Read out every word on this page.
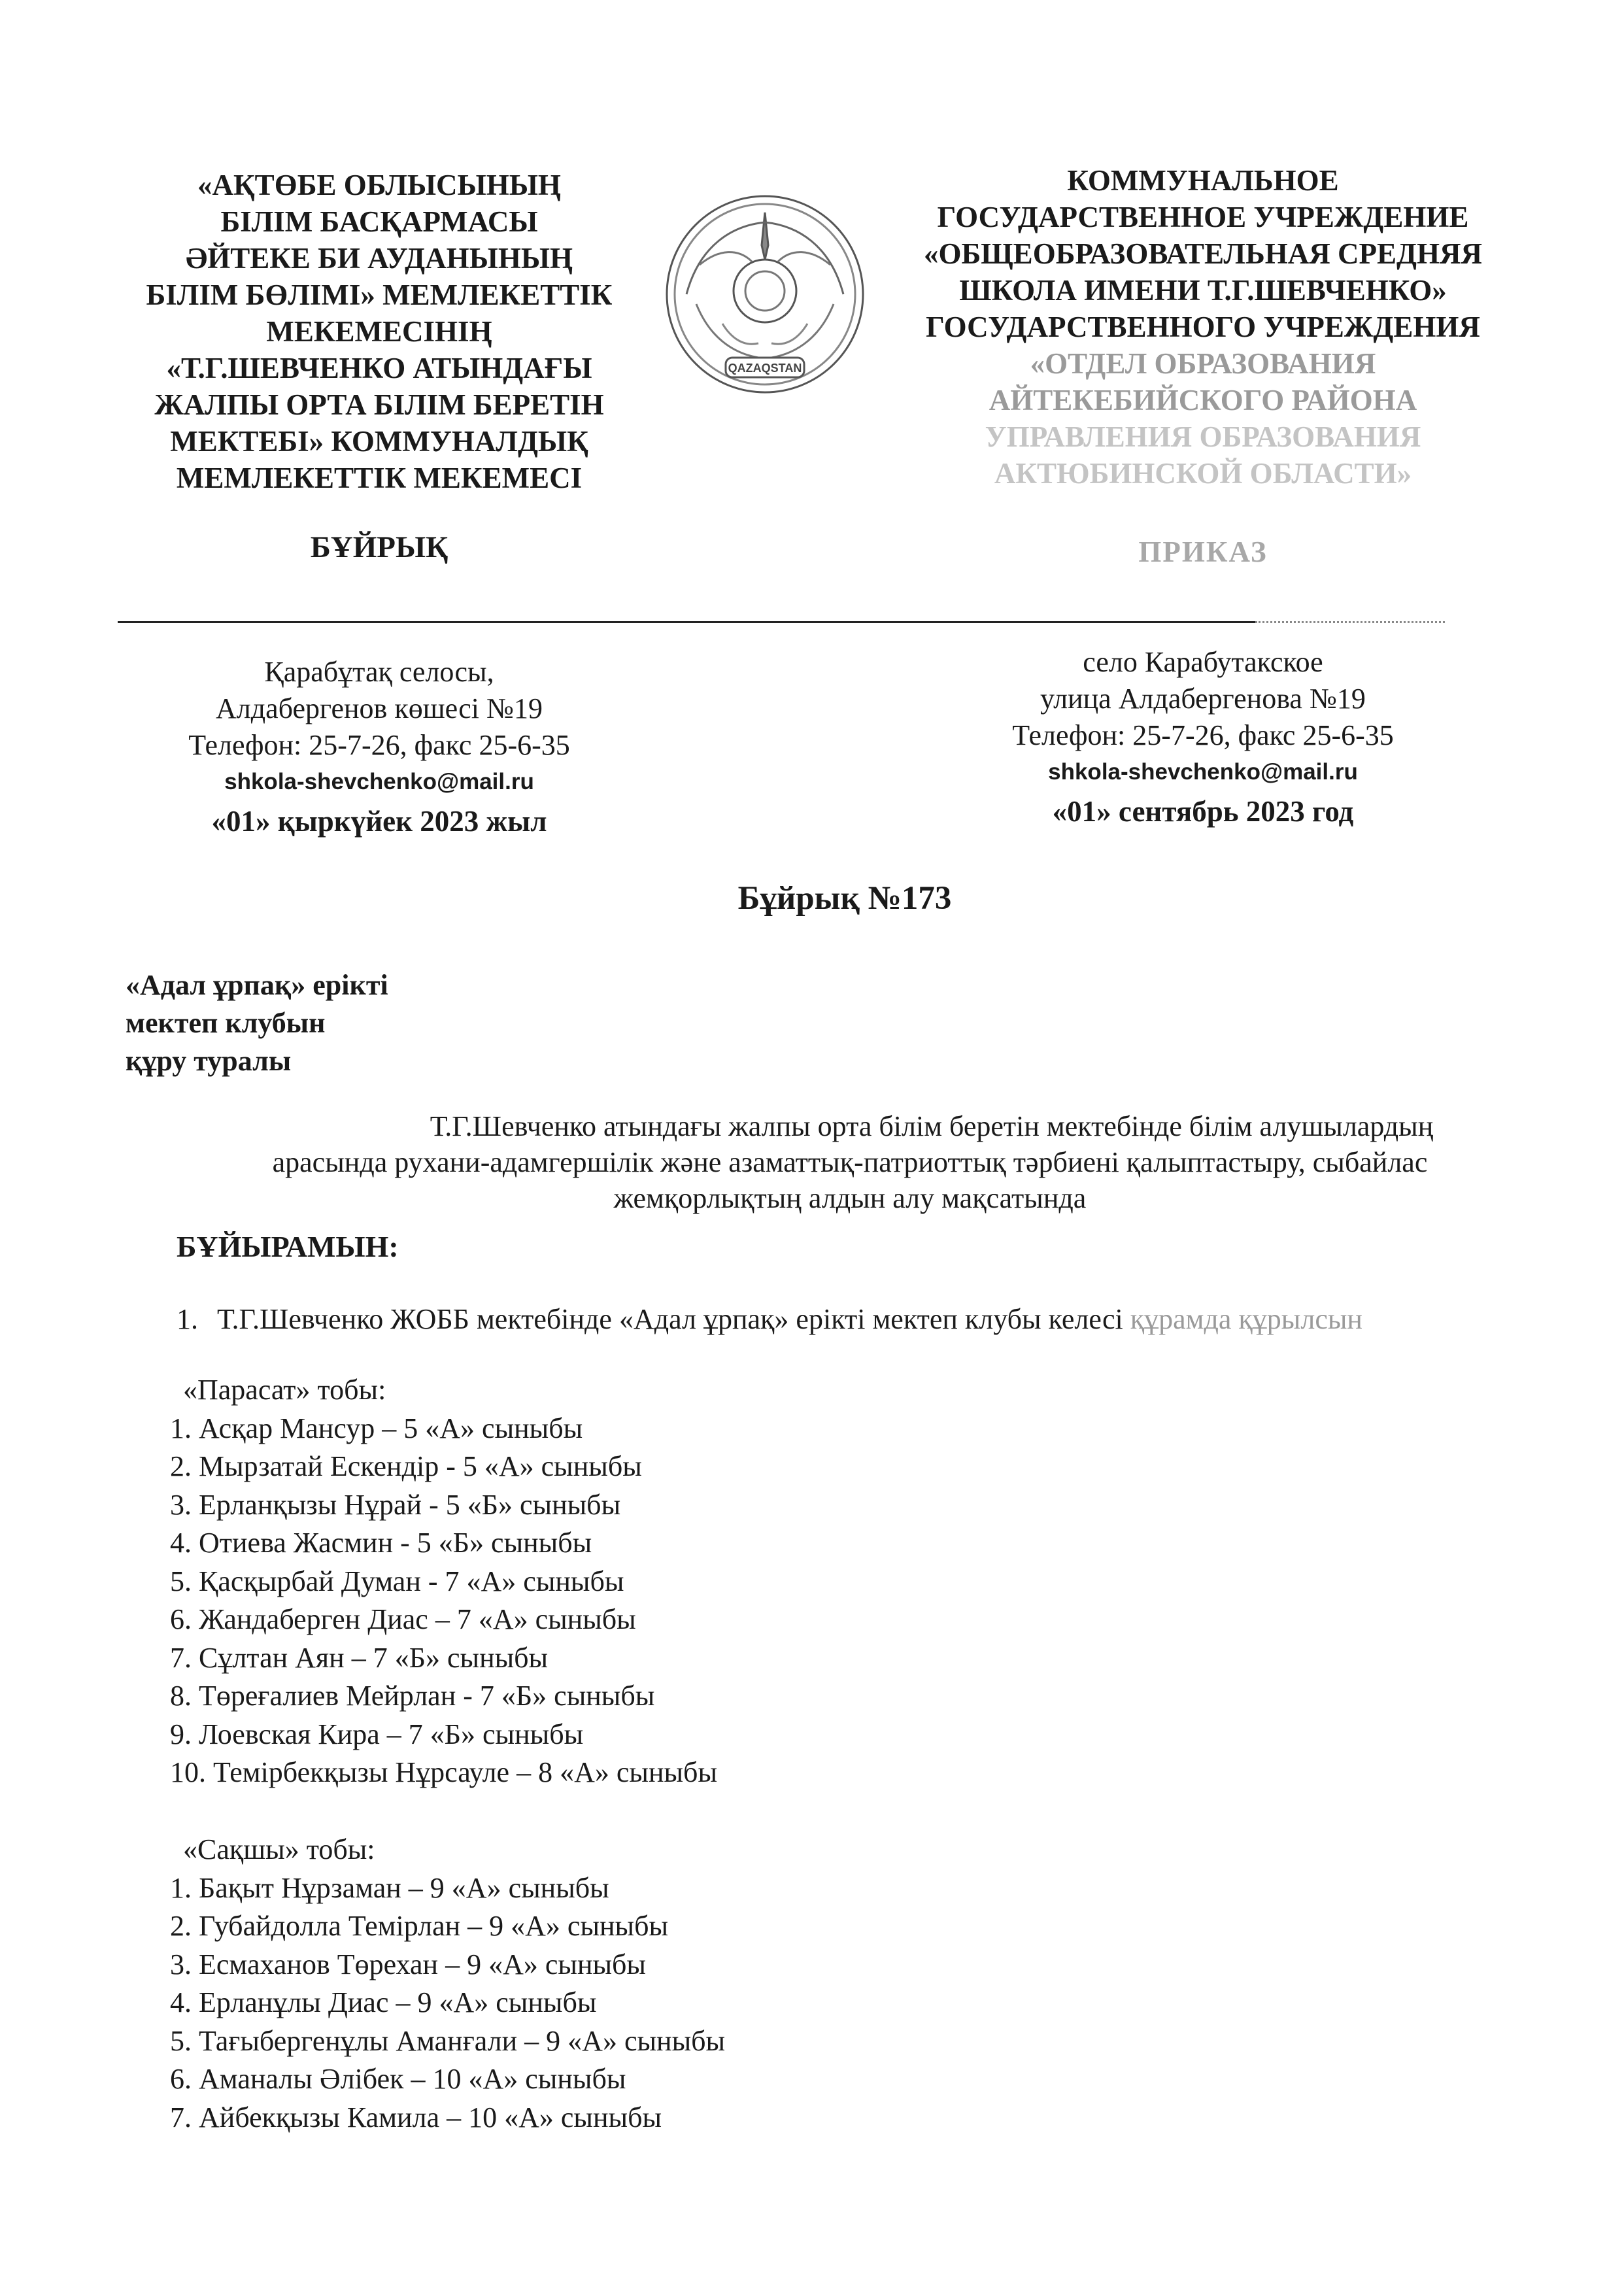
«АҚТӨБЕ ОБЛЫСЫНЫҢ
БІЛІМ БАСҚАРМАСЫ
ӘЙТЕКЕ БИ АУДАНЫНЫҢ
БІЛІМ БӨЛІМІ» МЕМЛЕКЕТТІК
МЕКЕМЕСІНІҢ
«Т.Г.ШЕВЧЕНКО АТЫНДАҒЫ
ЖАЛПЫ ОРТА БІЛІМ БЕРЕТІН
МЕКТЕБІ» КОММУНАЛДЫҚ
МЕМЛЕКЕТТІК МЕКЕМЕСІ
БҰЙРЫҚ
QAZAQSTAN
КОММУНАЛЬНОЕ
ГОСУДАРСТВЕННОЕ УЧРЕЖДЕНИЕ
«ОБЩЕОБРАЗОВАТЕЛЬНАЯ СРЕДНЯЯ
ШКОЛА ИМЕНИ Т.Г.ШЕВЧЕНКО»
ГОСУДАРСТВЕННОГО УЧРЕЖДЕНИЯ
«ОТДЕЛ ОБРАЗОВАНИЯ
АЙТЕКЕБИЙСКОГО РАЙОНА
УПРАВЛЕНИЯ ОБРАЗОВАНИЯ
АКТЮБИНСКОЙ ОБЛАСТИ»
ПРИКАЗ
Қарабұтақ селосы,
Алдабергенов көшесі №19
Телефон: 25-7-26, факс 25-6-35
shkola-shevchenko@mail.ru
«01» қыркүйек 2023 жыл
село Карабутакское
улица Алдабергенова №19
Телефон: 25-7-26, факс 25-6-35
shkola-shevchenko@mail.ru
«01» сентябрь 2023 год
Бұйрық №173
«Адал ұрпақ» ерікті
мектеп клубын
құру туралы
Т.Г.Шевченко атындағы жалпы орта білім беретін мектебінде білім алушылардың
арасында рухани-адамгершілік және азаматтық-патриоттық тәрбиені қалыптастыру, сыбайлас
жемқорлықтың алдын алу мақсатында
БҰЙЫРАМЫН:
1. Т.Г.Шевченко ЖОББ мектебінде «Адал ұрпақ» ерікті мектеп клубы келесі құрамда құрылсын
«Парасат» тобы:
1. Асқар Мансур – 5 «А» сыныбы
2. Мырзатай Ескендір - 5 «А» сыныбы
3. Ерланқызы Нұрай - 5 «Б» сыныбы
4. Отиева Жасмин - 5 «Б» сыныбы
5. Қасқырбай Думан - 7 «А» сыныбы
6. Жандаберген Диас – 7 «А» сыныбы
7. Сұлтан Аян – 7 «Б» сыныбы
8. Төреғалиев Мейрлан - 7 «Б» сыныбы
9. Лоевская Кира – 7 «Б» сыныбы
10. Темірбекқызы Нұрсауле – 8 «А» сыныбы
«Сақшы» тобы:
1. Бақыт Нұрзаман – 9 «А» сыныбы
2. Губайдолла Темірлан – 9 «А» сыныбы
3. Есмаханов Төрехан – 9 «А» сыныбы
4. Ерланұлы Диас – 9 «А» сыныбы
5. Тағыбергенұлы Аманғали – 9 «А» сыныбы
6. Аманалы Әлібек – 10 «А» сыныбы
7. Айбекқызы Камила – 10 «А» сыныбы
